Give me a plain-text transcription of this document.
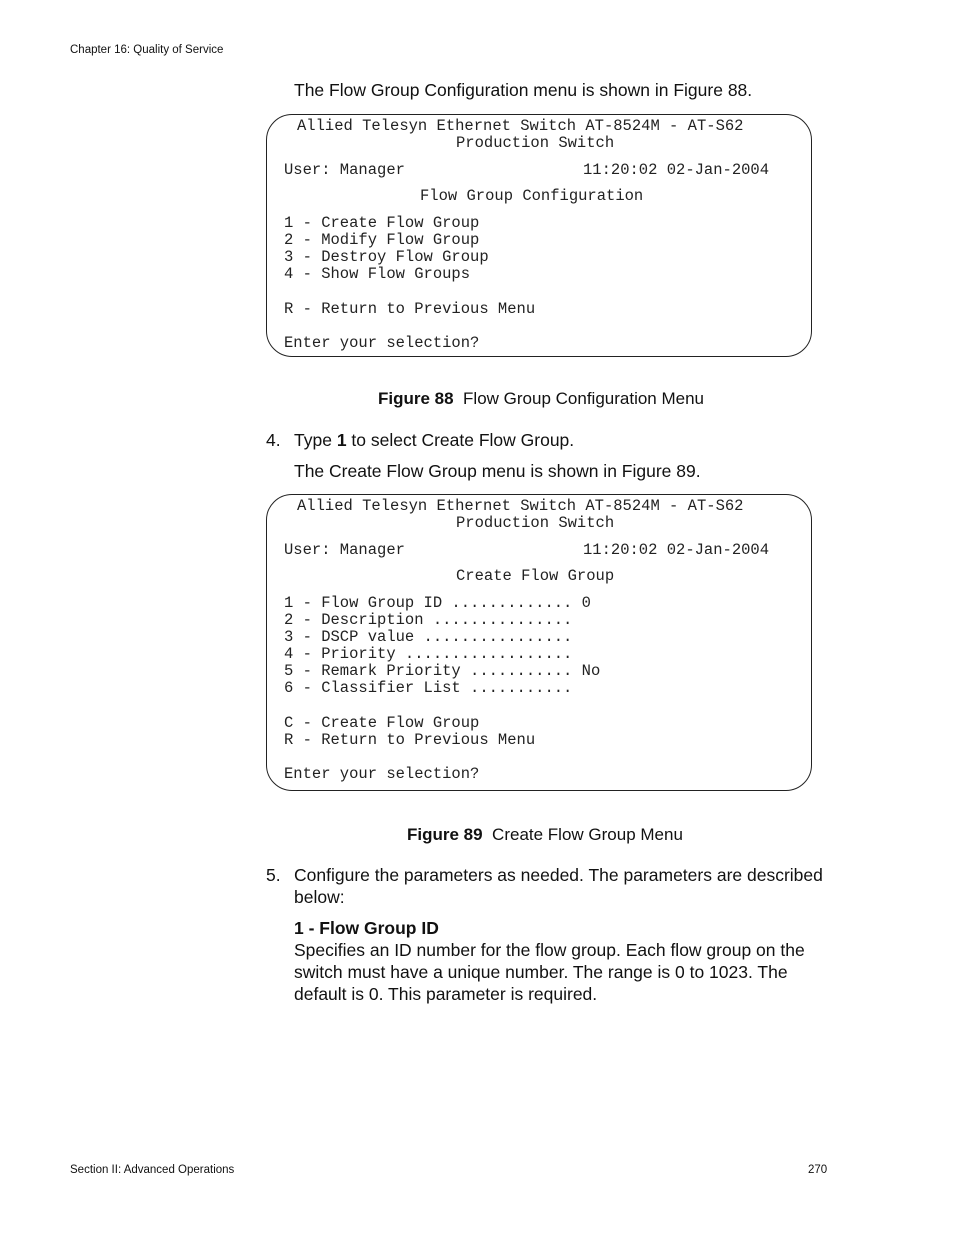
Chapter 16: Quality of Service
The Flow Group Configuration menu is shown in Figure 88.
Allied Telesyn Ethernet Switch AT-8524M - AT-S62
Production Switch
User: Manager	11:20:02 02-Jan-2004
Flow Group Configuration
1 - Create Flow Group
2 - Modify Flow Group
3 - Destroy Flow Group
4 - Show Flow Groups
R - Return to Previous Menu
Enter your selection?
Figure 88 Flow Group Configuration Menu
4. Type 1 to select Create Flow Group.
The Create Flow Group menu is shown in Figure 89.
Allied Telesyn Ethernet Switch AT-8524M - AT-S62
Production Switch
User: Manager	11:20:02 02-Jan-2004
Create Flow Group
1 - Flow Group ID ............. 0
2 - Description ...............
3 - DSCP value ................
4 - Priority ..................
5 - Remark Priority ........... No
6 - Classifier List ...........
C - Create Flow Group
R - Return to Previous Menu
Enter your selection?
Figure 89 Create Flow Group Menu
5. Configure the parameters as needed. The parameters are described
below:
1 - Flow Group ID
Specifies an ID number for the flow group. Each flow group on the
switch must have a unique number. The range is 0 to 1023. The
default is 0. This parameter is required.
Section II: Advanced Operations	270
